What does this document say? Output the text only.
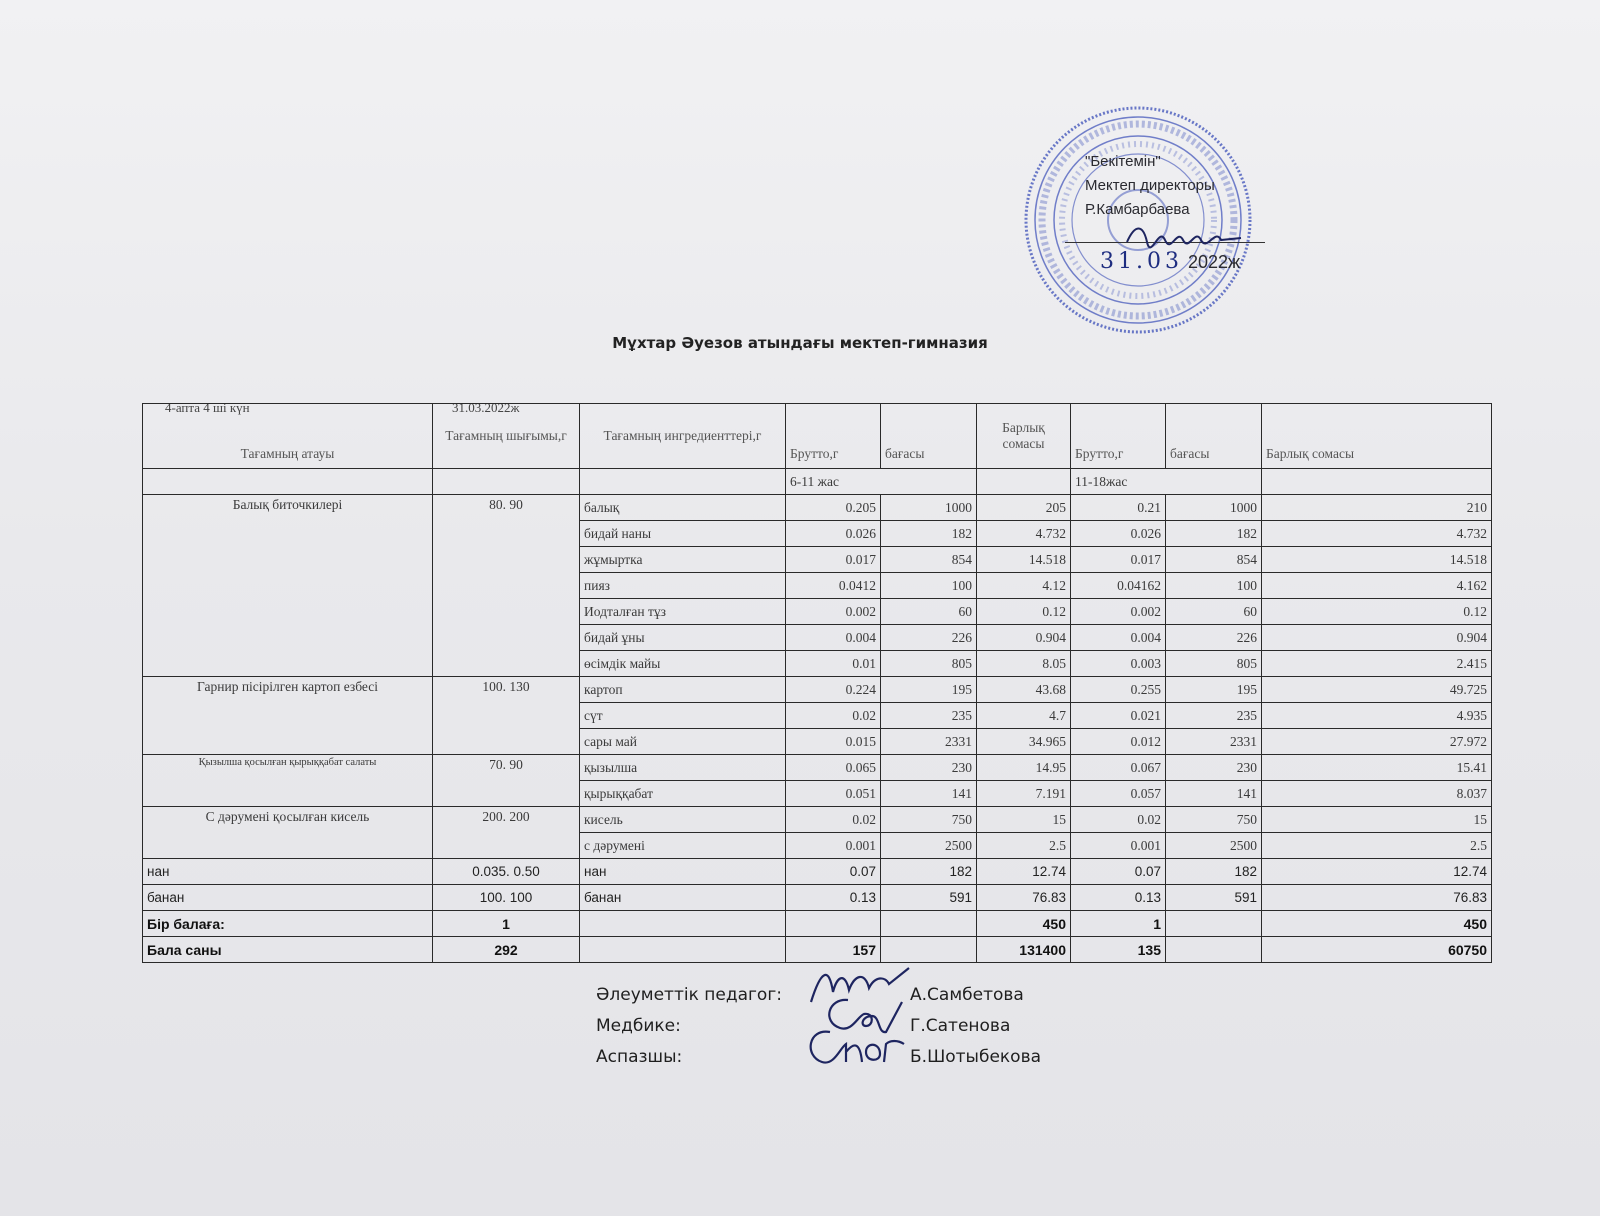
"Бекітемін"
Мектеп директоры
Р.Камбарбаева
31.03 2022ж
Мұхтар Әуезов атындағы мектеп-гимназия
4-апта 4 ші күн	31.03.2022ж
Тағамның атауы	Тағамның шығымы,г	Тағамның ингредиенттері,г	Брутто,г	бағасы	Барлық сомасы	Брутто,г	бағасы	Барлық сомасы
			6-11 жас			11-18жас		
Балық биточкилері	80. 90	балық	0.205	1000	205	0.21	1000	210
		бидай наны	0.026	182	4.732	0.026	182	4.732
		жұмыртка	0.017	854	14.518	0.017	854	14.518
		пияз	0.0412	100	4.12	0.04162	100	4.162
		Иодталған тұз	0.002	60	0.12	0.002	60	0.12
		бидай ұны	0.004	226	0.904	0.004	226	0.904
		өсімдік майы	0.01	805	8.05	0.003	805	2.415
Гарнир пісірілген картоп езбесі	100. 130	картоп	0.224	195	43.68	0.255	195	49.725
		сүт	0.02	235	4.7	0.021	235	4.935
		сары май	0.015	2331	34.965	0.012	2331	27.972
Қызылша қосылған қырыққабат салаты	70. 90	қызылша	0.065	230	14.95	0.067	230	15.41
		қырыққабат	0.051	141	7.191	0.057	141	8.037
С дәрумені қосылған кисель	200. 200	кисель	0.02	750	15	0.02	750	15
		с дәрумені	0.001	2500	2.5	0.001	2500	2.5
нан	0.035. 0.50	нан	0.07	182	12.74	0.07	182	12.74
банан	100. 100	банан	0.13	591	76.83	0.13	591	76.83
Бір балаға:	1				450	1		450
Бала саны	292		157		131400	135		60750
Әлеуметтік педагог:	А.Самбетова
Медбике:	Г.Сатенова
Аспазшы:	Б.Шотыбекова
